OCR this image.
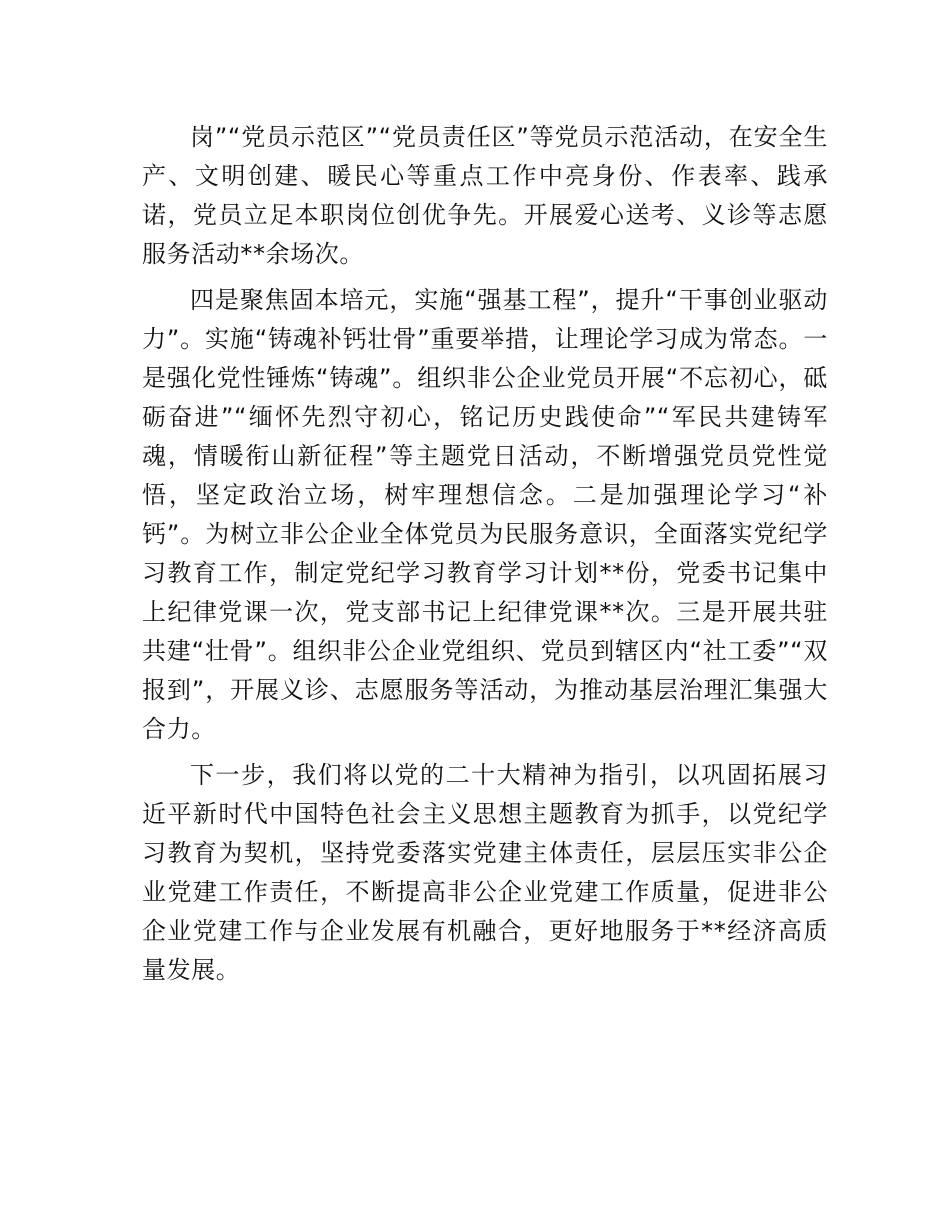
岗”“党员示范区”“党员责任区”等党员示范活动，在安全生产、文明创建、暖民心等重点工作中亮身份、作表率、践承诺，党员立足本职岗位创优争先。开展爱心送考、义诊等志愿服务活动**余场次。

四是聚焦固本培元，实施“强基工程”，提升“干事创业驱动力”。实施“铸魂补钙壮骨”重要举措，让理论学习成为常态。一是强化党性锤炼“铸魂”。组织非公企业党员开展“不忘初心，砥砺奋进”“缅怀先烈守初心，铭记历史践使命”“军民共建铸军魂，情暖衔山新征程”等主题党日活动，不断增强党员党性觉悟，坚定政治立场，树牢理想信念。二是加强理论学习“补钙”。为树立非公企业全体党员为民服务意识，全面落实党纪学习教育工作，制定党纪学习教育学习计划**份，党委书记集中上纪律党课一次，党支部书记上纪律党课**次。三是开展共驻共建“壮骨”。组织非公企业党组织、党员到辖区内“社工委”“双报到”，开展义诊、志愿服务等活动，为推动基层治理汇集强大合力。

下一步，我们将以党的二十大精神为指引，以巩固拓展习近平新时代中国特色社会主义思想主题教育为抓手，以党纪学习教育为契机，坚持党委落实党建主体责任，层层压实非公企业党建工作责任，不断提高非公企业党建工作质量，促进非公企业党建工作与企业发展有机融合，更好地服务于**经济高质量发展。
